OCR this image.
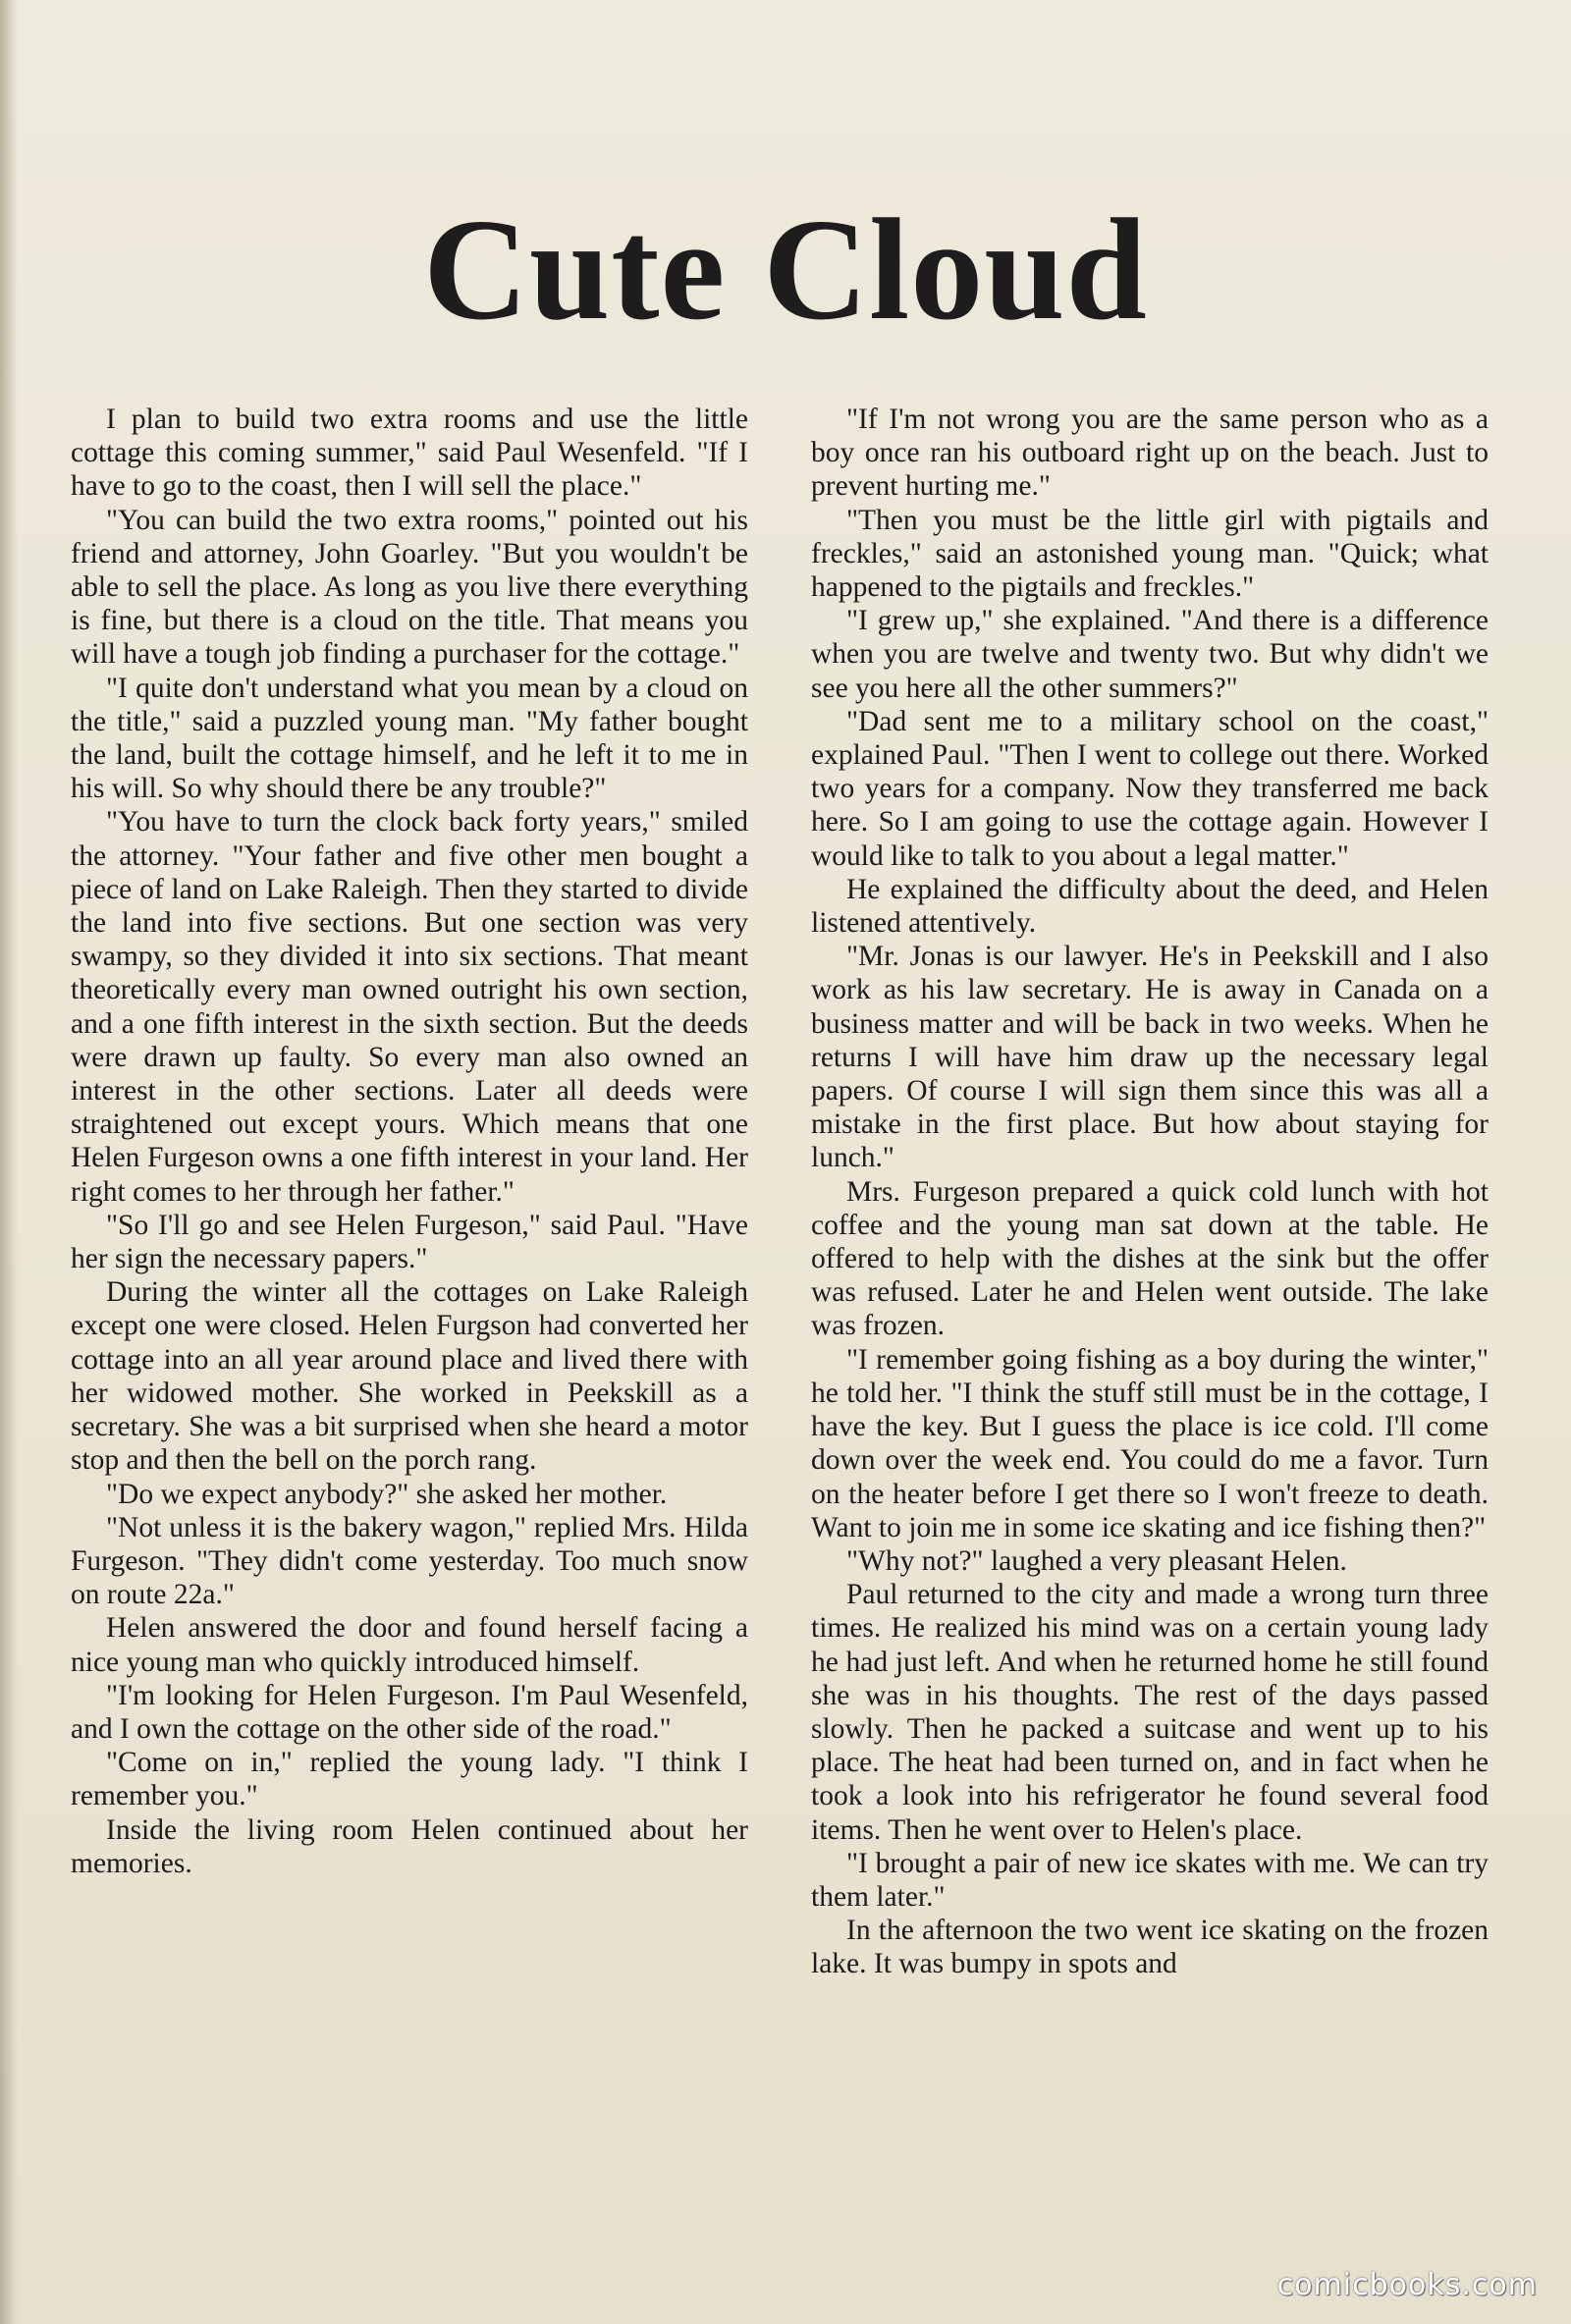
Cute Cloud

I plan to build two extra rooms and use the little cottage this coming summer," said Paul Wesenfeld. "If I have to go to the coast, then I will sell the place."

"You can build the two extra rooms," pointed out his friend and attorney, John Goarley. "But you wouldn't be able to sell the place. As long as you live there everything is fine, but there is a cloud on the title. That means you will have a tough job finding a purchaser for the cottage."

"I quite don't understand what you mean by a cloud on the title," said a puzzled young man. "My father bought the land, built the cottage himself, and he left it to me in his will. So why should there be any trouble?"

"You have to turn the clock back forty years," smiled the attorney. "Your father and five other men bought a piece of land on Lake Raleigh. Then they started to divide the land into five sections. But one section was very swampy, so they divided it into six sections. That meant theoretically every man owned outright his own section, and a one fifth interest in the sixth section. But the deeds were drawn up faulty. So every man also owned an interest in the other sections. Later all deeds were straightened out except yours. Which means that one Helen Furgeson owns a one fifth interest in your land. Her right comes to her through her father."

"So I'll go and see Helen Furgeson," said Paul. "Have her sign the necessary papers."

During the winter all the cottages on Lake Raleigh except one were closed. Helen Furgson had converted her cottage into an all year around place and lived there with her widowed mother. She worked in Peekskill as a secretary. She was a bit surprised when she heard a motor stop and then the bell on the porch rang.

"Do we expect anybody?" she asked her mother.

"Not unless it is the bakery wagon," replied Mrs. Hilda Furgeson. "They didn't come yesterday. Too much snow on route 22a."

Helen answered the door and found herself facing a nice young man who quickly introduced himself.

"I'm looking for Helen Furgeson. I'm Paul Wesenfeld, and I own the cottage on the other side of the road."

"Come on in," replied the young lady. "I think I remember you."

Inside the living room Helen continued about her memories.

"If I'm not wrong you are the same person who as a boy once ran his outboard right up on the beach. Just to prevent hurting me."

"Then you must be the little girl with pigtails and freckles," said an astonished young man. "Quick; what happened to the pigtails and freckles."

"I grew up," she explained. "And there is a difference when you are twelve and twenty two. But why didn't we see you here all the other summers?"

"Dad sent me to a military school on the coast," explained Paul. "Then I went to college out there. Worked two years for a company. Now they transferred me back here. So I am going to use the cottage again. However I would like to talk to you about a legal matter."

He explained the difficulty about the deed, and Helen listened attentively.

"Mr. Jonas is our lawyer. He's in Peekskill and I also work as his law secretary. He is away in Canada on a business matter and will be back in two weeks. When he returns I will have him draw up the necessary legal papers. Of course I will sign them since this was all a mistake in the first place. But how about staying for lunch."

Mrs. Furgeson prepared a quick cold lunch with hot coffee and the young man sat down at the table. He offered to help with the dishes at the sink but the offer was refused. Later he and Helen went outside. The lake was frozen.

"I remember going fishing as a boy during the winter," he told her. "I think the stuff still must be in the cottage, I have the key. But I guess the place is ice cold. I'll come down over the week end. You could do me a favor. Turn on the heater before I get there so I won't freeze to death. Want to join me in some ice skating and ice fishing then?"

"Why not?" laughed a very pleasant Helen.

Paul returned to the city and made a wrong turn three times. He realized his mind was on a certain young lady he had just left. And when he returned home he still found she was in his thoughts. The rest of the days passed slowly. Then he packed a suitcase and went up to his place. The heat had been turned on, and in fact when he took a look into his refrigerator he found several food items. Then he went over to Helen's place.

"I brought a pair of new ice skates with me. We can try them later."

In the afternoon the two went ice skating on the frozen lake. It was bumpy in spots and

comicbooks.com
